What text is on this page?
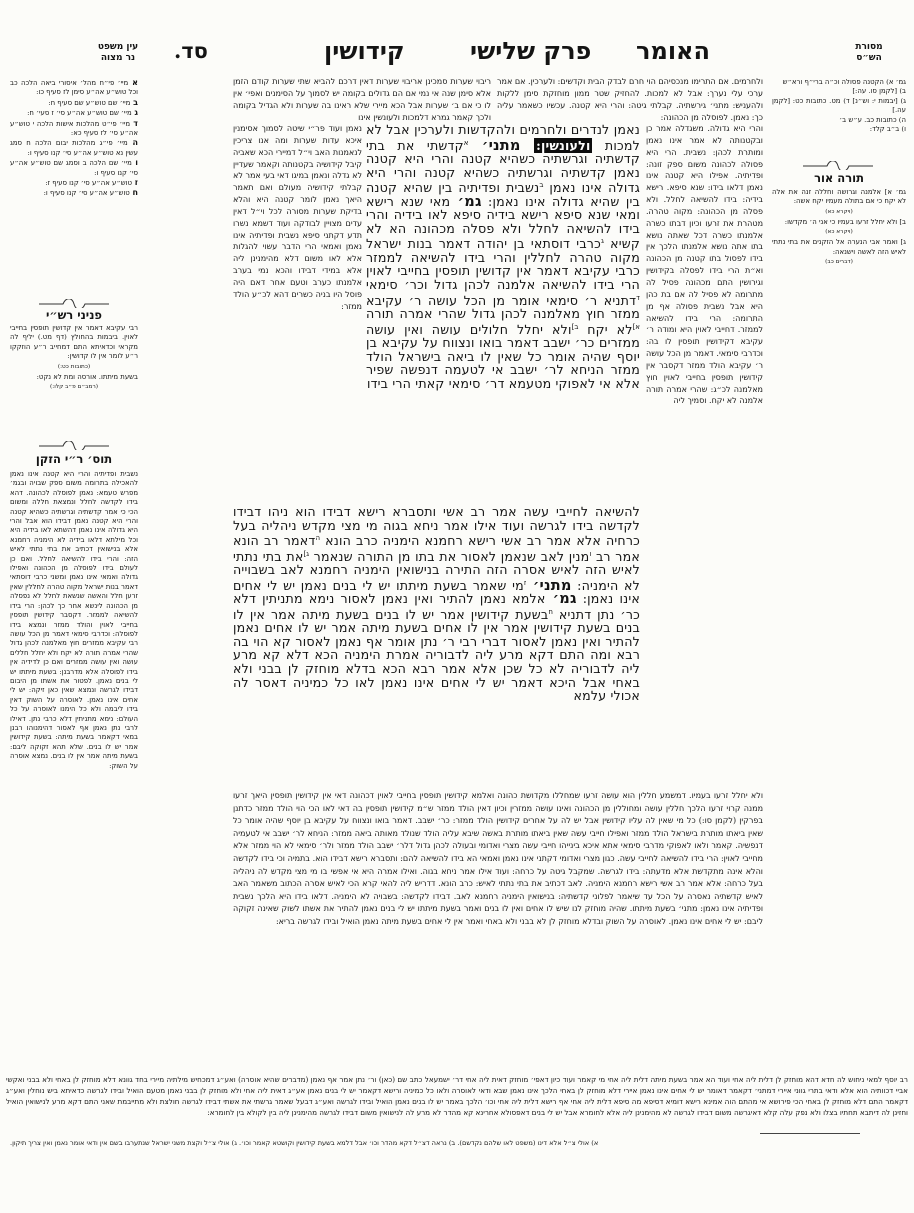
עין משפט
נר מצוה	סד.	קידושין	פרק שלישי האומר	מסורת
הש״ס
א מיי׳ פי״ח מהל׳ איסורי ביאה הלכה כב וכל טוש״ע אה״ע סימן לז סעיף כו:
ב מיי׳ שם טוש״ע שם סעיף ח:
ג מיי׳ שם טוש״ע אה״ע סי׳ ז סעי׳ ח:
ד מיי׳ פי״ט מהלכות אישות הלכה י טוש״ע אה״ע סי׳ לז סעיף כא:
ה מיי׳ פי״ג מהלכות יבום הלכה ח סמג עשין נא טוש״ע אה״ע סי׳ קנו סעיף ו:
ו מיי׳ שם הלכה ב וסמג שם טוש״ע אה״ע סי׳ קנו סעיף ו:
ז טוש״ע אה״ע סי׳ קנו סעיף ז:
ח טוש״ע אה״ע סי׳ קנו סעיף ו:
פניני רש״י
רבי עקיבא דאמר אין קדושין תופסין בחייבי לאוין. ביבמות בהחולץ (דף מט.) יליף לה מקראי וכדאיתא התם דמחייב ר״ע הוזקקו ר״ע לומר אין לו קדושין:
(כתובות כט:)
בשעת מיתתו. אורסה ומת לא נקט:
(רמב״ם פ״ב קלו:)
תוס׳ ר״י הזקן
נשבית ופדיתיה והרי היא קטנה אינו נאמן להאכילה בתרומה משום ספק שבויה ובגמ׳ מפרש טעמא: נאמן לפוסלה לכהונה. דהא בידו לקדשה לחלל ונמצאת חללה ומשום הכי כי אמר קדשתיה וגרשתיה כשהיא קטנה והרי היא קטנה נאמן דבידו הוא אבל והרי היא גדולה אינו נאמן דהשתא לאו בידיה היא וכל מילתא דלאו בידיה לא הימניה רחמנא אלא בנישואין דכתיב את בתי נתתי לאיש הזה: והרי בידו להשיאה לחלל. ואם כן לעולם בידו לפוסלה מן הכהונה ואפילו גדולה ואמאי אינו נאמן ומשני כרבי דוסתאי דאמר בנות ישראל מקוה טהרה לחללין שאין זרען חלל והאשה שנשאת לחלל לא נפסלה מן הכהונה לינשא אחר כך לכהן: הרי בידו להשיאה לממזר. דקסבר קידושין תופסין בחייבי לאוין והולד ממזר ונמצא בידו לפוסלה: וכדרבי סימאי דאמר מן הכל עושה רבי עקיבא ממזרים חוץ מאלמנה לכהן גדול שהרי אמרה תורה לא יקח ולא יחלל חללים עושה ואין עושה ממזרים ואם כן לדידיה אין בידו לפוסלה אלא מדרבנן: בשעת מיתתו יש לי בנים נאמן. לפטור את אשתו מן היבום דבידו לגרשה ונמצא שאין כאן זיקה: יש לי אחים אינו נאמן. לאוסרה על השוק דאין בידו ליבמה ולא כל הימנו לאוסרה על כל העולם: נימא מתניתין דלא כרבי נתן. דאילו לרבי נתן נאמן אף לאסור דהימנוהו רבנן במאי דקאמר בשעת מיתה: בשעת קידושין אמר יש לו בנים. שלא תהא זקוקה ליבם: בשעת מיתה אמר אין לו בנים. נמצא אוסרה על השוק:
גמ׳ א) הקטנה פסולה וכ״ה ברי״ף ורא״ש
ב) [לקמן סו. עה:]
ג) [יבמות י: וש״נ] ד) מט. כתובות כט: [לקמן עה.]
ה) כתובות כב. ע״ש ב׳
ו) ב״ב קלד:
תורה אור
גמ׳ א] אלמנה וגרושה וחללה זנה את אלה לא יקח כי אם בתולה מעמיו יקח אשה:
(ויקרא כא)
ב] ולא יחלל זרעו בעמיו כי אני ה׳ מקדשו:
(ויקרא כא)
ג] ואמר אבי הנערה אל הזקנים את בתי נתתי לאיש הזה לאשה וישנאה:
(דברים כב)
ריבוי שערות סמכינן אריבוי שערות דאין דרכם להביא שתי שערות קודם הזמן אלא סימן שנה אי נמי אם הם גדולים בקומה יש לסמוך על הסימנים ואפי׳ אין לו כי אם ב׳ שערות אבל הכא מיירי שלא ראינו בה שערות ולא הגדיל בקומה ולכך קאמר גמרא דלמכות ולעונשין אינו
נאמן ועוד פר״י שיטה לסמוך אסימנין איכא עדות שערות ומה אנו צריכין לנאמנות האב וי״ל דמיירי הכא שאביה קיבל קידושיה בקטנותה וקאמר שעדיין לא גדלה ונאמן במיגו דאי בעי אמר לא קבלתי קידושיה מעולם ואם תאמר היאך נאמן לומר קטנה היא והלא בדיקת שערות מסורה לכל וי״ל דאין עדים מצויין לבודקה ועוד דשמא נשרו תדע דקתני סיפא נשבית ופדיתיה אינו נאמן ואמאי הרי הדבר עשוי להגלות אלא לאו משום דלא מהימנינן ליה אלא במידי דבידו והכא נמי בערב אלמנתו כערב וטעם אחר דאם היה פוסל היו בניה כשרים דהא לכ״ע הולד ממזר:
ולחרמים. אם התרימו מנכסיהם הוי חרם לבדק הבית וקדשים: ולערכין. אם אמר ערכי עלי נערך: אבל לא למכות. להחזיק שטר ממון מוחזקת סימן ללקות ולהעניש: מתני׳ גירשתיה. קבלתי גיטה: והרי היא קטנה. עכשיו כשאמר עליה כך: נאמן. לפוסלה מן הכהונה:
והרי היא גדולה. משגדלה אמר כן ובקטנותה לא אמר אינו נאמן ומותרת לכהן: נשבית. הרי היא פסולה לכהונה משום ספק זונה: ופדיתיה. אפילו היא קטנה אינו נאמן דלאו בידו: שנא סיפא. רישא בידיה: בידו להשיאה לחלל. ולא פסלה מן הכהונה: מקוה טהרה. מטהרת את זרעו וכיון דבתו כשרה אלמנתו כשרה דכל שאתה נושא בתו אתה נושא אלמנתו הלכך אין בידו לפסול בתו קטנה מן הכהונה וא״ת הרי בידו לפסלה בקידושין וגירושין התם מכהונה פסיל לה מתרומה לא פסיל לה אם בת כהן היא אבל נשבית פסולה אף מן התרומה: הרי בידו להשיאה לממזר. דחייבי לאוין היא ומודה ר׳ עקיבא דקידושין תופסין לו בה: וכדרבי סימאי. דאמר מן הכל עושה ר׳ עקיבא הולד ממזר דקסבר אין קידושין תופסין בחייבי לאוין חוץ מאלמנה לכ״ג: שהרי אמרה תורה אלמנה לא יקח. וסמיך ליה
ולא יחלל זרעו בעמיו. דמשמע חללין הוא עושה זרעו שמחללו מקדושת כהונה ואלמא קידושין תופסין בחייבי לאוין דכהונה דאי אין קידושין תופסין היאך זרעו ממנה קרוי זרעו הלכך חללין עושה ומחוללין מן הכהונה ואינו עושה ממזרין וכיון דאין הולד ממזר ש״מ קידושין תופסין בה דאי לאו הכי הוי הולד ממזר כדתנן בפרקין (לקמן סו:) כל מי שאין לה עליו קידושין אבל יש לה על אחרים קידושין הולד ממזר: כר׳ ישבב. דאמר בואו ונצווח על עקיבא בן יוסף שהיה אומר כל שאין ביאתו מותרת בישראל הולד ממזר ואפילו חייבי עשה שאין ביאתו מותרת באשה שיבא עליה הולד שנולד מאותה ביאה ממזר: הניחא לר׳ ישבב אי לטעמיה דנפשיה. קאמר ולאו לאפוקי מדרבי סימאי אתא איכא בינייהו חייבי עשה מצרי ואדומי ובעולה לכהן גדול דלר׳ ישבב הולד ממזר ולר׳ סימאי לא הוי ממזר אלא מחייבי לאוין: הרי בידו להשיאה לחייבי עשה. כגון מצרי ואדומי דקתני אינו נאמן ואמאי הא בידו להשיאה להם: ותסברא רישא דבידו הוא. בתמיה וכי בידו לקדשה והלא אינה מתקדשת אלא מדעתה: בידו לגרשה. שמקבל גיטה על כרחה: ועוד אילו אמר ניחא בגוה. ואילו אמרה היא אי אפשי בו מי מצי מקדש לה ניהליה בעל כרחה: אלא אמר רב אשי רישא רחמנא הימניה. לאב דכתיב את בתי נתתי לאיש: כרב הונא. דדריש ליה להאי קרא הכי לאיש אסרה הכתוב משאמר האב לאיש קדשתיה נאסרה על הכל עד שיאמר לפלוני קדשתיה: בנישואין הימניה רחמנא לאב. דבידו לקדשה: בשבויה לא הימניה. דלאו בידו היא הלכך נשבית ופדיתיה אינו נאמן: מתני׳ בשעת מיתתו. שהיה מוחזק לנו שיש לו אחים ואין לו בנים ואמר בשעת מיתתו יש לי בנים נאמן להתיר את אשתו לשוק שאינה זקוקה ליבם: יש לי אחים אינו נאמן. לאוסרה על השוק ובדלא מוחזק לן לא בבני ולא באחי ואמר אין לי אחים בשעת מיתה נאמן הואיל ובידו לגרשה בריא:
נאמן לנדרים ולחרמים ולהקדשות ולערכין אבל לא למכות ולעונשין: מתני׳ $^א$קדשתי את בתי קדשתיה וגרשתיה כשהיא קטנה והרי היא קטנה נאמן קדשתיה וגרשתיה כשהיא קטנה והרי היא גדולה אינו נאמן $^ב$נשבית ופדיתיה בין שהיא קטנה בין שהיא גדולה אינו נאמן: גמ׳ מאי שנא רישא ומאי שנא סיפא רישא בידיה סיפא לאו בידיה והרי בידו להשיאה לחלל ולא פסלה מכהונה הא לא קשיא $^ג$כרבי דוסתאי בן יהודה דאמר בנות ישראל מקוה טהרה לחללין והרי בידו להשיאה לממזר כרבי עקיבא דאמר אין קדושין תופסין בחייבי לאוין הרי בידו להשיאה אלמנה לכהן גדול וכר׳ סימאי $^ד$דתניא ר׳ סימאי אומר מן הכל עושה ר׳ עקיבא ממזר חוץ מאלמנה לכהן גדול שהרי אמרה תורה $^{א]}$לא יקח $^{ב]}$ולא יחלל חלולים עושה ואין עושה ממזרים כר׳ ישבב דאמר בואו ונצווח על עקיבא בן יוסף שהיה אומר כל שאין לו ביאה בישראל הולד ממזר הניחא לר׳ ישבב אי לטעמה דנפשה שפיר אלא אי לאפוקי מטעמא דר׳ סימאי קאתי הרי בידו
להשיאה לחייבי עשה אמר רב אשי ותסברא רישא דבידו הוא ניהו דבידו לקדשה בידו לגרשה ועוד אילו אמר ניחא בגוה מי מצי מקדש ניהליה בעל כרחיה אלא אמר רב אשי רישא רחמנא הימניה כרב הונא $^ה$דאמר רב הונא אמר רב $^ו$מנין לאב שנאמן לאסור את בתו מן התורה שנאמר $^{ג]}$את בתי נתתי לאיש הזה לאיש אסרה הזה התירה בנישואין הימניה רחמנא לאב בשבוייה לא הימניה: מתני׳ $^ז$מי שאמר בשעת מיתתו יש לי בנים נאמן יש לי אחים אינו נאמן: גמ׳ אלמא נאמן להתיר ואין נאמן לאסור נימא מתניתין דלא כר׳ נתן דתניא $^ח$בשעת קידושין אמר יש לו בנים בשעת מיתה אמר אין לו בנים בשעת קידושין אמר אין לו אחים בשעת מיתה אמר יש לו אחים נאמן להתיר ואין נאמן לאסור דברי רבי ר׳ נתן אומר אף נאמן לאסור קא הוי בה רבא ומה התם דקא מרע ליה לדבוריה אמרת הימניה הכא דלא קא מרע ליה לדבוריה לא כל שכן אלא אמר רבא הכא בדלא מוחזק לן בבני ולא באחי אבל היכא דאמר יש לי אחים אינו נאמן לאו כל כמיניה דאסר לה אכולי עלמא
רב יוסף למאי ניחוש לה חדא דהא מוחזק לן דלית ליה אחי ועוד הא אמר בשעת מיתה דלית ליה אחי מי קאמר ועוד כיון דאפי׳ מוחזק דאית ליה אחי דר׳ ישמעאל כתב שם (כאן) ור׳ נתן אמר אף נאמן (מדברים שהיא אוסרה) ואע״ג דמכחיש מילתיה מיירי בחד גוונא דלא מוחזק לן באחי ולא בבני ואקשי אביי דכוותיה הוא אלא ודאי בתרי גווני איירי דמתני׳ דקאמר דאומר יש לי אחים אינו נאמן איירי דלא מוחזק לן באחי הלכך אינו נאמן שבא ודאי לאוסרה ולאו כל כמיניה ורישא דקאמר יש לי בנים נאמן אע״ג דאית ליה אחי ולא מוחזק לן בבני נאמן מטעם הואיל ובידו לגרשה כדאיתא ביש נוחלין ואע״ג דקאמר התם דלא מוחזק לן באחי הכי פירושא אי מהתם הוה אמינא רישא דומיא דסיפא מה סיפא דלית ליה אחי אף רישא דלית ליה אחי וכו׳ הלכך באמר יש לו בנים נאמן הואיל ובידו לגרשה ואע״ג דבעל שאמר גרשתי את אשתי דבידו לגרשה חולצת ולא מתייבמת שאני התם דקא מרע לנישואין הואיל וחזינן לה דיתבא תחתיו בצלו ולא נפק עלה קלא דאיגרשה משום דבידו לגרשה לא מהימנינן ליה אלא לחומרא אבל יש לי בנים דאפסולא אחרינא קא מהדר לא מרע לה לנישואין משום דבידו לגרשה מהימנינן ליה בין לקולא בין לחומרא:
א) אולי צ״ל אלא דינו (משפט לאו שלהם נקדשם). ב) נראה דצ״ל דקא מהדר וכו׳ אבל דלמא בשעת קידושין וקושטא קאמר וכו׳. ג) אולי צ״ל וקצת משני ישראל שנתערבו בשם אין ודאי אומר נאמן ואין צריך תיקון.
